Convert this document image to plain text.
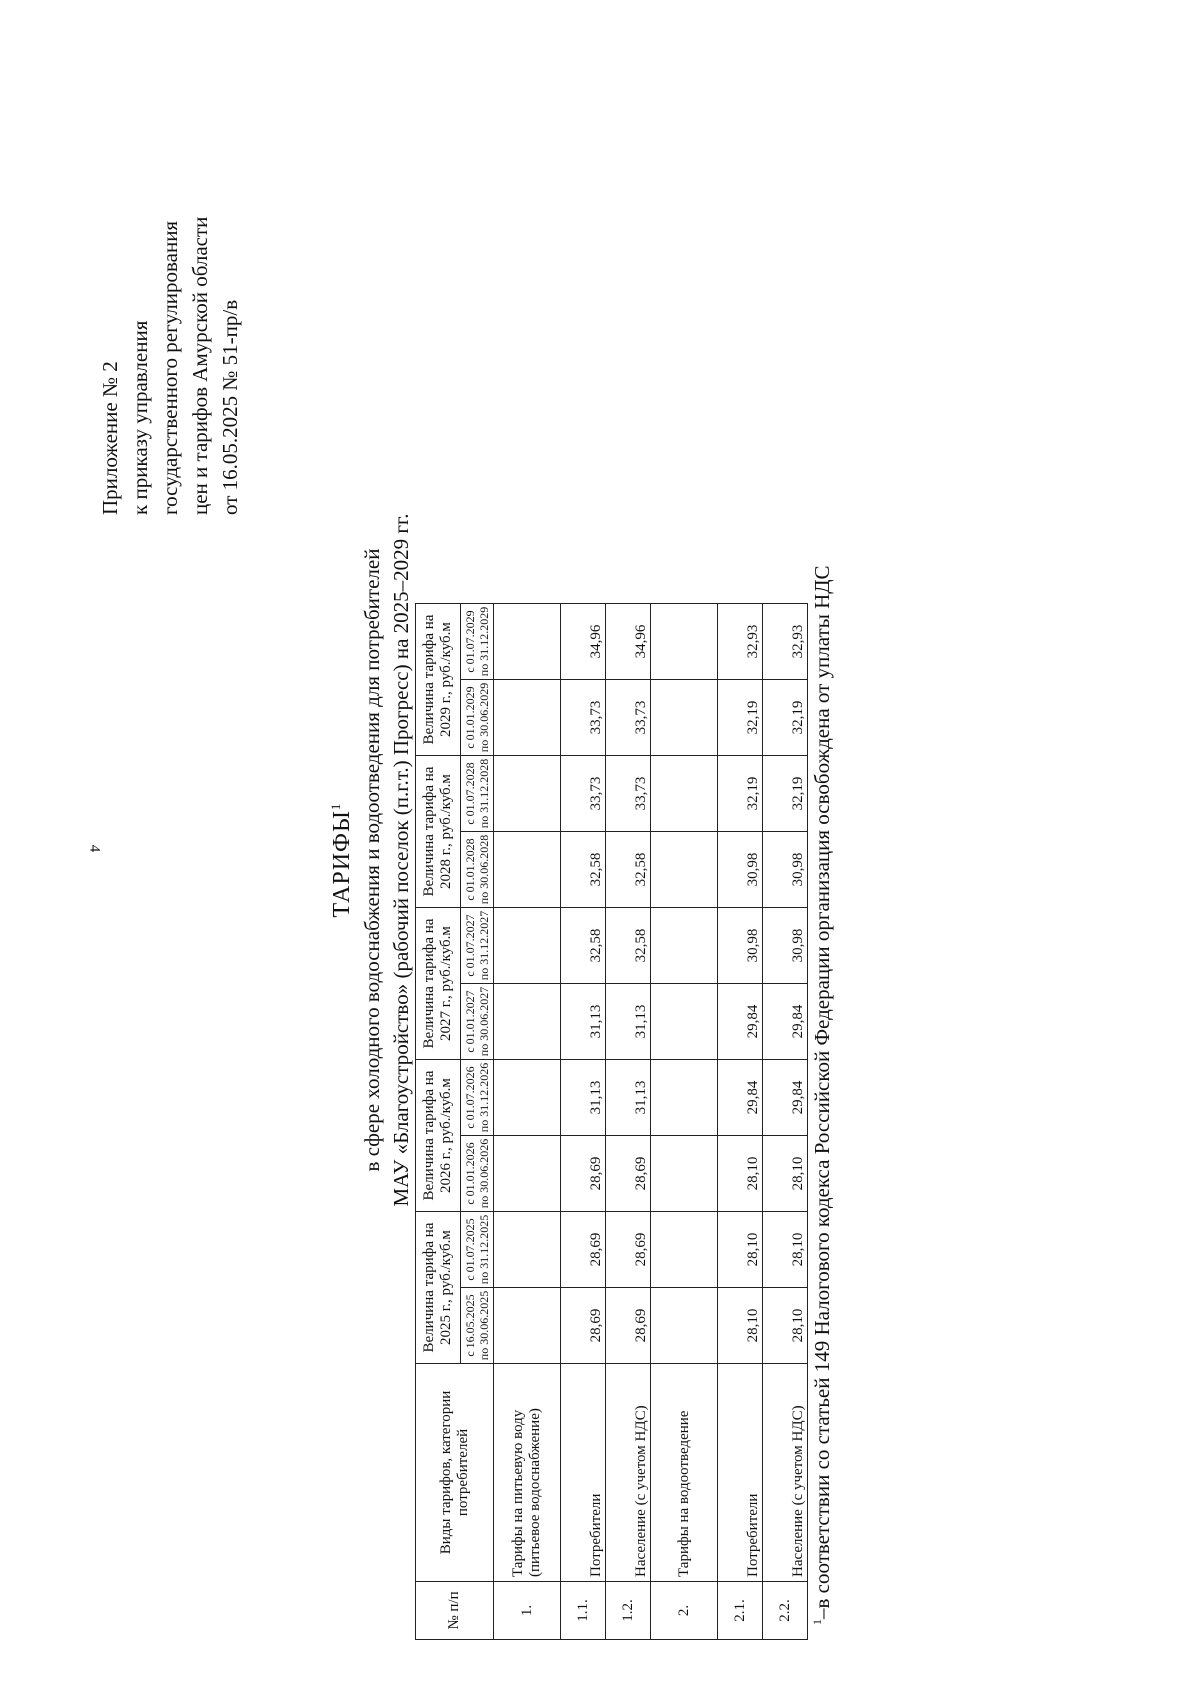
4
Приложение № 2 к приказу управления государственного регулирования цен и тарифов Амурской области от 16.05.2025 № 51-пр/в
ТАРИФЫ$^1$ в сфере холодного водоснабжения и водоотведения для потребителей МАУ «Благоустройство» (рабочий поселок (п.г.т.) Прогресс) на 2025–2029 гг.
№ п/п	Виды тарифов, категории потребителей	Величина тарифа на 2025 г., руб./куб.м		Величина тарифа на 2026 г., руб./куб.м		Величина тарифа на 2027 г., руб./куб.м		Величина тарифа на 2028 г., руб./куб.м		Величина тарифа на 2029 г., руб./куб.м	
		с 16.05.2025 по 30.06.2025	с 01.07.2025 по 31.12.2025	с 01.01.2026 по 30.06.2026	с 01.07.2026 по 31.12.2026	с 01.01.2027 по 30.06.2027	с 01.07.2027 по 31.12.2027	с 01.01.2028 по 30.06.2028	с 01.07.2028 по 31.12.2028	с 01.01.2029 по 30.06.2029	с 01.07.2029 по 31.12.2029
1.	Тарифы на питьевую воду (питьевое водоснабжение)										
1.1.	Потребители	28,69	28,69	28,69	31,13	31,13	32,58	32,58	33,73	33,73	34,96
1.2.	Население (с учетом НДС)	28,69	28,69	28,69	31,13	31,13	32,58	32,58	33,73	33,73	34,96
2.	Тарифы на водоотведение										
2.1.	Потребители	28,10	28,10	28,10	29,84	29,84	30,98	30,98	32,19	32,19	32,93
2.2.	Население (с учетом НДС)	28,10	28,10	28,10	29,84	29,84	30,98	30,98	32,19	32,19	32,93
$^1$–в соответствии со статьей 149 Налогового кодекса Российской Федерации организация освобождена от уплаты НДС
